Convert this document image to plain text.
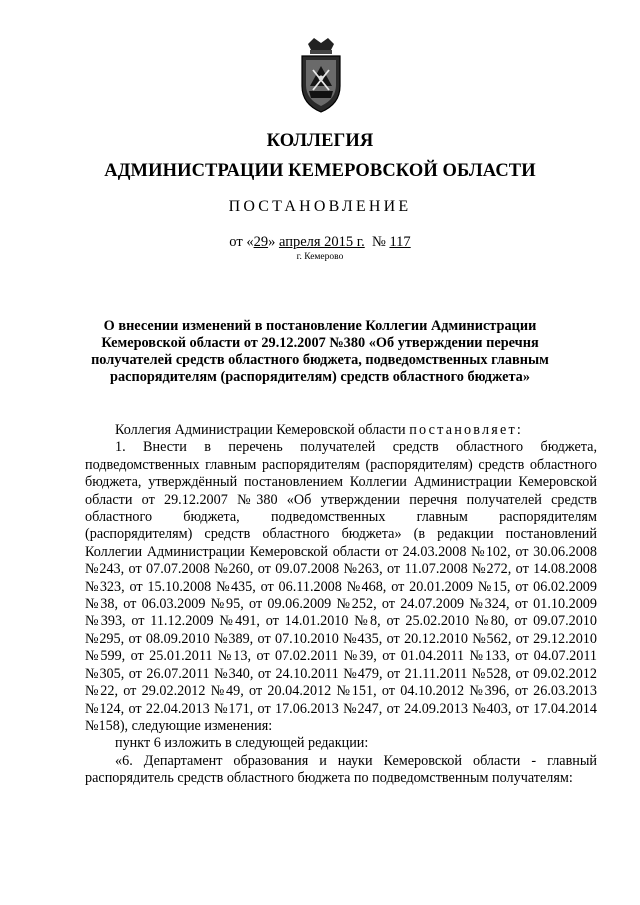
КОЛЛЕГИЯ
АДМИНИСТРАЦИИ КЕМЕРОВСКОЙ ОБЛАСТИ
ПОСТАНОВЛЕНИЕ
от «29» апреля 2015 г. № 117
г. Кемерово
О внесении изменений в постановление Коллегии Администрации Кемеровской области от 29.12.2007 №380 «Об утверждении перечня получателей средств областного бюджета, подведомственных главным распорядителям (распорядителям) средств областного бюджета»

Коллегия Администрации Кемеровской области постановляет:

1. Внести в перечень получателей средств областного бюджета, подведомственных главным распорядителям (распорядителям) средств областного бюджета, утверждённый постановлением Коллегии Администрации Кемеровской области от 29.12.2007 №380 «Об утверждении перечня получателей средств областного бюджета, подведомственных главным распорядителям (распорядителям) средств областного бюджета» (в редакции постановлений Коллегии Администрации Кемеровской области от 24.03.2008 №102, от 30.06.2008 №243, от 07.07.2008 №260, от 09.07.2008 №263, от 11.07.2008 №272, от 14.08.2008 №323, от 15.10.2008 №435, от 06.11.2008 №468, от 20.01.2009 №15, от 06.02.2009 №38, от 06.03.2009 №95, от 09.06.2009 №252, от 24.07.2009 №324, от 01.10.2009 №393, от 11.12.2009 №491, от 14.01.2010 №8, от 25.02.2010 №80, от 09.07.2010 №295, от 08.09.2010 №389, от 07.10.2010 №435, от 20.12.2010 №562, от 29.12.2010 №599, от 25.01.2011 №13, от 07.02.2011 №39, от 01.04.2011 №133, от 04.07.2011 №305, от 26.07.2011 №340, от 24.10.2011 №479, от 21.11.2011 №528, от 09.02.2012 №22, от 29.02.2012 №49, от 20.04.2012 №151, от 04.10.2012 №396, от 26.03.2013 №124, от 22.04.2013 №171, от 17.06.2013 №247, от 24.09.2013 №403, от 17.04.2014 №158), следующие изменения:

пункт 6 изложить в следующей редакции:

«6. Департамент образования и науки Кемеровской области - главный распорядитель средств областного бюджета по подведомственным получателям:
